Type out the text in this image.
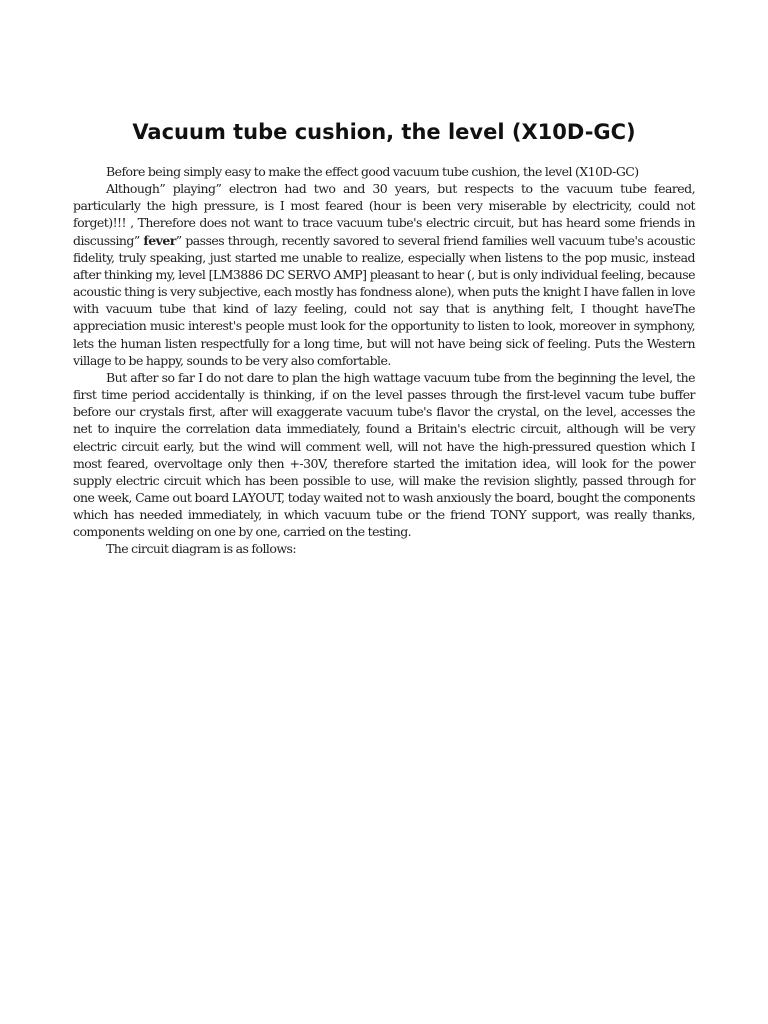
Vacuum tube cushion, the level (X10D-GC)

Before being simply easy to make the effect good vacuum tube cushion, the level (X10D-GC)

Although” playing” electron had two and 30 years, but respects to the vacuum tube feared, particularly the high pressure, is I most feared (hour is been very miserable by electricity, could not forget)!!! , Therefore does not want to trace vacuum tube's electric circuit, but has heard some friends in discussing” fever” passes through, recently savored to several friend families well vacuum tube's acoustic fidelity, truly speaking, just started me unable to realize, especially when listens to the pop music, instead after thinking my, level [LM3886 DC SERVO AMP] pleasant to hear (, but is only individual feeling, because acoustic thing is very subjective, each mostly has fondness alone), when puts the knight I have fallen in love with vacuum tube that kind of lazy feeling, could not say that is anything felt, I thought haveThe appreciation music interest's people must look for the opportunity to listen to look, moreover in symphony, lets the human listen respectfully for a long time, but will not have being sick of feeling. Puts the Western village to be happy, sounds to be very also comfortable.

But after so far I do not dare to plan the high wattage vacuum tube from the beginning the level, the first time period accidentally is thinking, if on the level passes through the first-level vacum tube buffer before our crystals first, after will exaggerate vacuum tube's flavor the crystal, on the level, accesses the net to inquire the correlation data immediately, found a Britain's electric circuit, although will be very electric circuit early, but the wind will comment well, will not have the high-pressured question which I most feared, overvoltage only then +-30V, therefore started the imitation idea, will look for the power supply electric circuit which has been possible to use, will make the revision slightly, passed through for one week, Came out board LAYOUT, today waited not to wash anxiously the board, bought the components which has needed immediately, in which vacuum tube or the friend TONY support, was really thanks, components welding on one by one, carried on the testing.

The circuit diagram is as follows:
